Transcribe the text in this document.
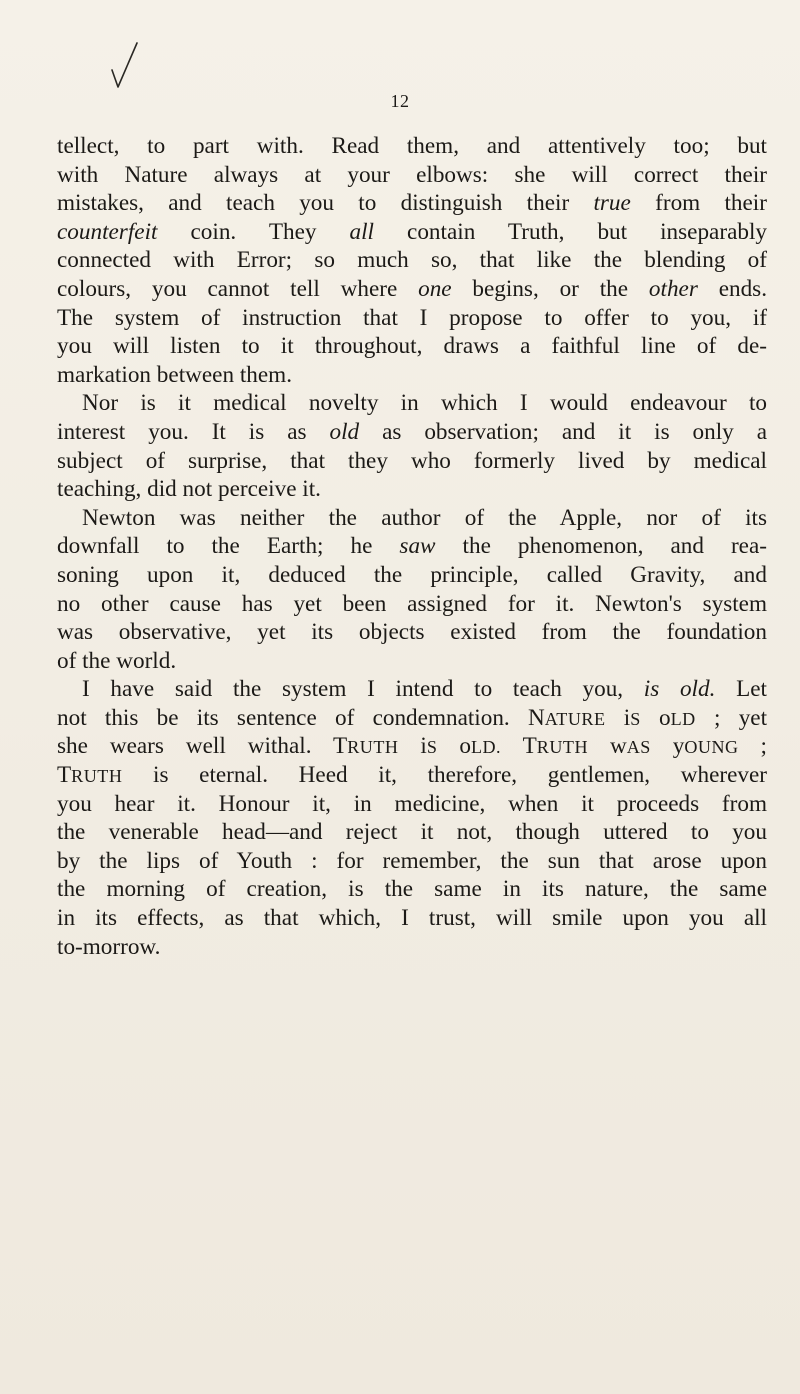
12
tellect, to part with. Read them, and attentively too; but
with Nature always at your elbows: she will correct their
mistakes, and teach you to distinguish their true from their
counterfeit coin. They all contain Truth, but inseparably
connected with Error; so much so, that like the blending of
colours, you cannot tell where one begins, or the other ends.
The system of instruction that I propose to offer to you, if
you will listen to it throughout, draws a faithful line of de-
markation between them.
Nor is it medical novelty in which I would endeavour to
interest you. It is as old as observation; and it is only a
subject of surprise, that they who formerly lived by medical
teaching, did not perceive it.
Newton was neither the author of the Apple, nor of its
downfall to the Earth; he saw the phenomenon, and rea-
soning upon it, deduced the principle, called Gravity, and
no other cause has yet been assigned for it. Newton's system
was observative, yet its objects existed from the foundation
of the world.
I have said the system I intend to teach you, is old. Let
not this be its sentence of condemnation. NATURE iS oLD ; yet
she wears well withal. TRUTH iS oLD. TRUTH wAS yOUNG ;
TRUTH is eternal. Heed it, therefore, gentlemen, wherever
you hear it. Honour it, in medicine, when it proceeds from
the venerable head—and reject it not, though uttered to you
by the lips of Youth : for remember, the sun that arose upon
the morning of creation, is the same in its nature, the same
in its effects, as that which, I trust, will smile upon you all
to-morrow.
